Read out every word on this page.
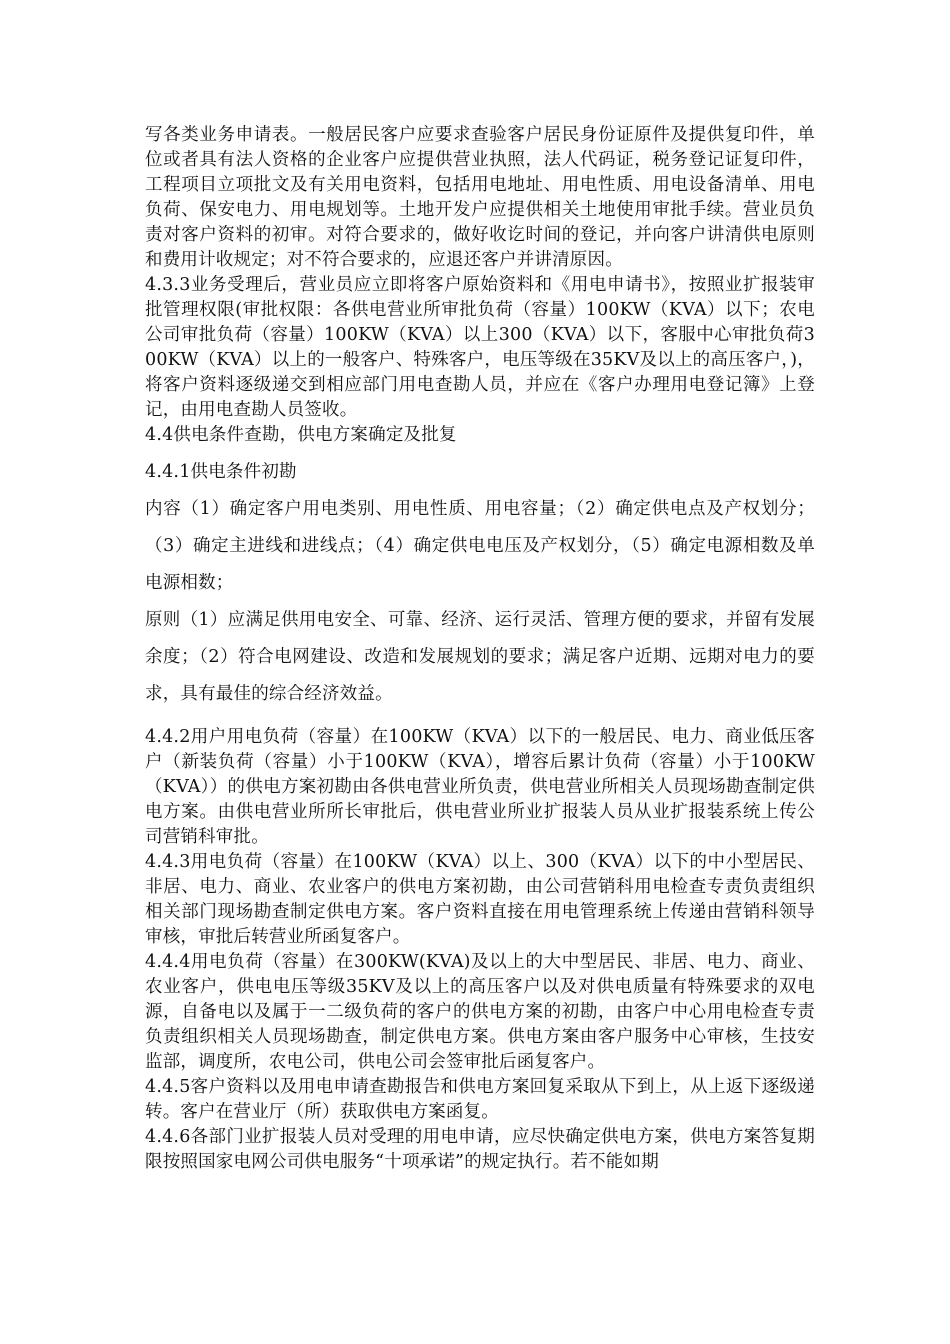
写各类业务申请表。一般居民客户应要求查验客户居民身份证原件及提供复印件，单位或者具有法人资格的企业客户应提供营业执照，法人代码证，税务登记证复印件，工程项目立项批文及有关用电资料，包括用电地址、用电性质、用电设备清单、用电负荷、保安电力、用电规划等。土地开发户应提供相关土地使用审批手续。营业员负责对客户资料的初审。对符合要求的，做好收讫时间的登记，并向客户讲清供电原则和费用计收规定；对不符合要求的，应退还客户并讲清原因。

4.3.3业务受理后，营业员应立即将客户原始资料和《用电申请书》，按照业扩报装审批管理权限(审批权限：各供电营业所审批负荷（容量）100KW（KVA）以下；农电公司审批负荷（容量）100KW（KVA）以上300（KVA）以下，客服中心审批负荷300KW（KVA）以上的一般客户、特殊客户，电压等级在35KV及以上的高压客户，)，将客户资料逐级递交到相应部门用电查勘人员，并应在《客户办理用电登记簿》上登记，由用电查勘人员签收。

4.4供电条件查勘，供电方案确定及批复

4.4.1供电条件初勘

内容（1）确定客户用电类别、用电性质、用电容量；（2）确定供电点及产权划分；（3）确定主进线和进线点；（4）确定供电电压及产权划分，（5）确定电源相数及单电源相数；

原则（1）应满足供用电安全、可靠、经济、运行灵活、管理方便的要求，并留有发展余度；（2）符合电网建设、改造和发展规划的要求；满足客户近期、远期对电力的要求，具有最佳的综合经济效益。

4.4.2用户用电负荷（容量）在100KW（KVA）以下的一般居民、电力、商业低压客户（新装负荷（容量）小于100KW（KVA），增容后累计负荷（容量）小于100KW（KVA））的供电方案初勘由各供电营业所负责，供电营业所相关人员现场勘查制定供电方案。由供电营业所所长审批后，供电营业所业扩报装人员从业扩报装系统上传公司营销科审批。

4.4.3用电负荷（容量）在100KW（KVA）以上、300（KVA）以下的中小型居民、非居、电力、商业、农业客户的供电方案初勘，由公司营销科用电检查专责负责组织相关部门现场勘查制定供电方案。客户资料直接在用电管理系统上传递由营销科领导审核，审批后转营业所函复客户。

4.4.4用电负荷（容量）在300KW(KVA)及以上的大中型居民、非居、电力、商业、农业客户，供电电压等级35KV及以上的高压客户以及对供电质量有特殊要求的双电源，自备电以及属于一二级负荷的客户的供电方案的初勘，由客户中心用电检查专责负责组织相关人员现场勘查，制定供电方案。供电方案由客户服务中心审核，生技安监部，调度所，农电公司，供电公司会签审批后函复客户。

4.4.5客户资料以及用电申请查勘报告和供电方案回复采取从下到上，从上返下逐级递转。客户在营业厅（所）获取供电方案函复。

4.4.6各部门业扩报装人员对受理的用电申请，应尽快确定供电方案，供电方案答复期限按照国家电网公司供电服务“十项承诺”的规定执行。若不能如期
